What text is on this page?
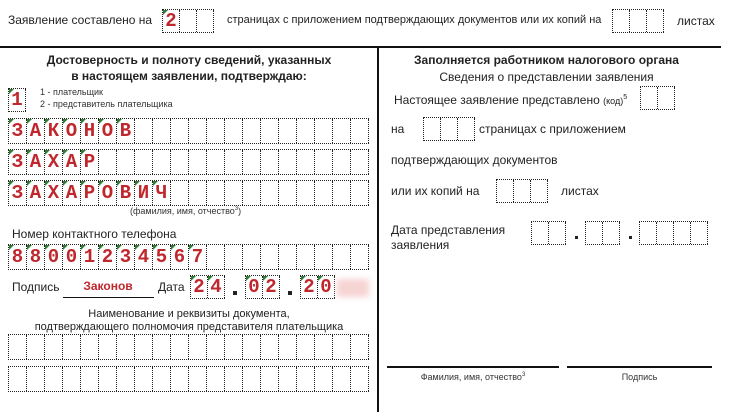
Заявление составлено на 2	страницах с приложением подтверждающих документов или их копий на	листах
Достоверность и полноту сведений, указанных
в настоящем заявлении, подтверждаю:
1	1 - плательщик
2 - представитель плательщика
З А К О Н О В
З А Х А Р
З А Х А Р О В И Ч
(фамилия, имя, отчество$^3$)
Номер контактного телефона
8 8 0 0 1 2 3 4 5 6 7
Подпись	Законов	Дата 2 4 0 2 2 0
Наименование и реквизиты документа,
подтверждающего полномочия представителя плательщика
Заполняется работником налогового органа
Сведения о представлении заявления
Настоящее заявление представлено (код)$^5$
на	страницах с приложением
подтверждающих документов
или их копий на	листах
Дата представления
заявления
Фамилия, имя, отчество$^3$	Подпись
